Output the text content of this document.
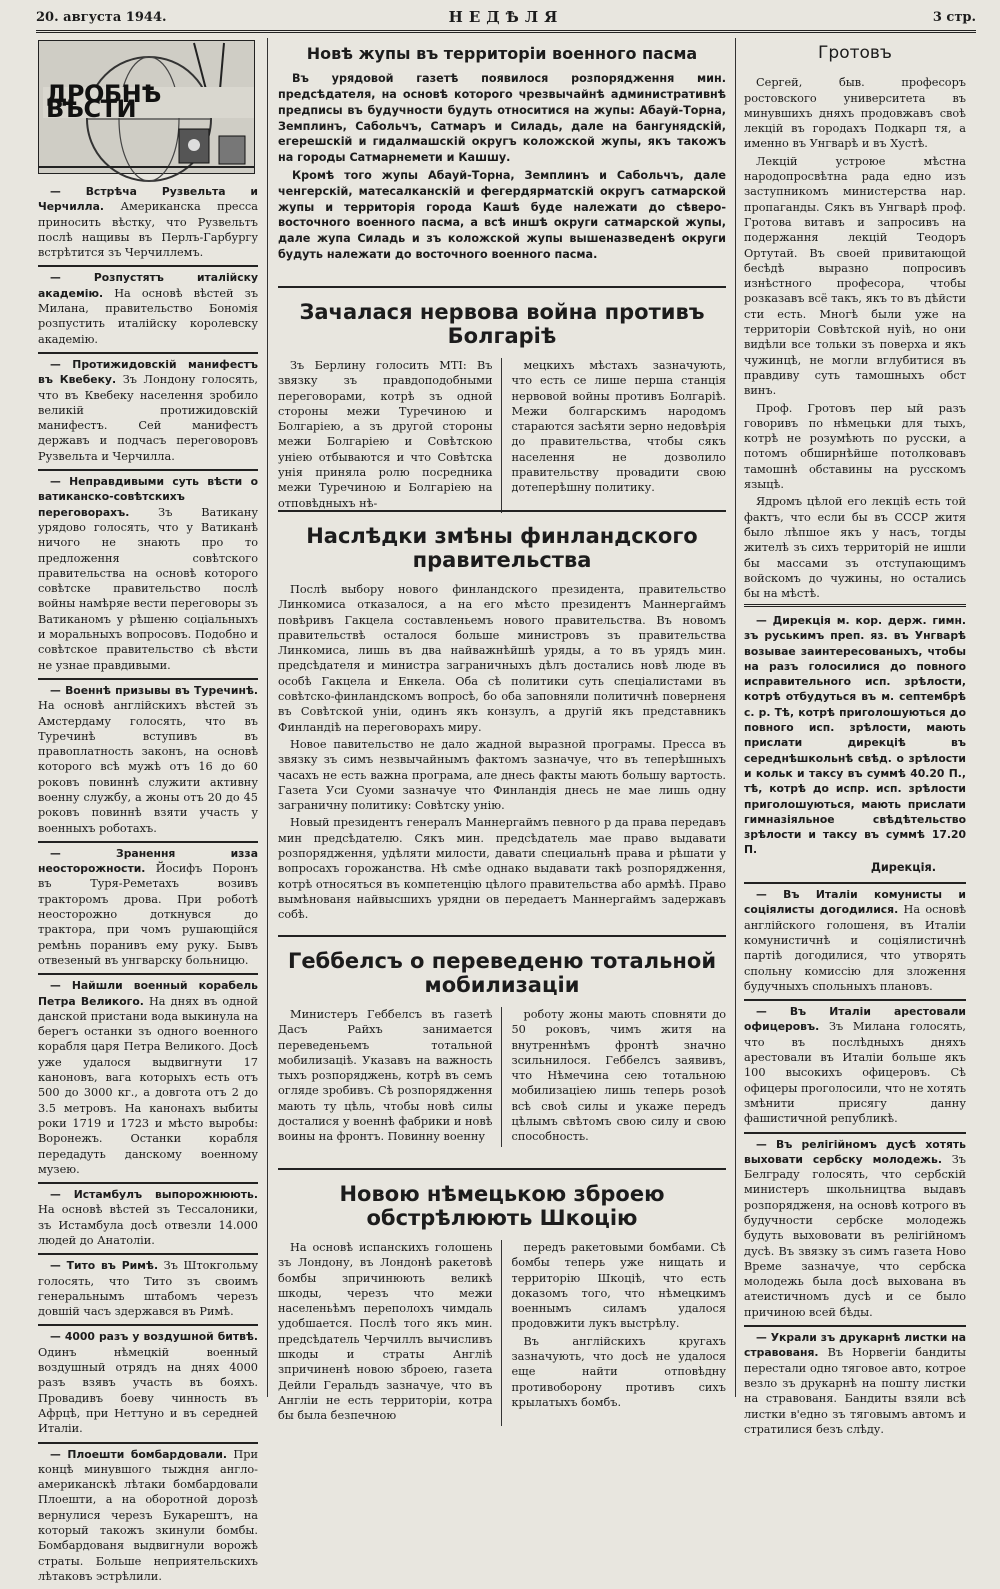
20. августа 1944.	НЕДѢЛЯ	3 стр.
ДРОБНѢ ВѢСТИ

— Встрѣча Рузвельта и Черчилла. Американска пресса приносить вѣстку, что Рузвельтъ послѣ нащивы въ Перлъ-Гарбургу встрѣтится зъ Черчиллемъ.

— Розпустятъ италійску академію. На основѣ вѣстей зъ Милана, правительство Бономія розпустить италійску королевску академію.

— Протижидовскій манифестъ въ Квебеку. Зъ Лондону голосять, что въ Квебеку населення зробило великій протижидовскій манифестъ. Сей манифестъ державъ и подчасъ переговоровъ Рузвельта и Черчилла.

— Неправдивыми суть вѣсти о ватиканско-совѣтскихъ переговорахъ.	Зъ Ватикану урядово голосять, что у Ватиканѣ ничого не знають про то предложення совѣтского правительства на основѣ которого совѣтске правительство послѣ войны намѣряе вести переговоры зъ Ватиканомъ у рѣшеню соціальныхъ и моральныхъ вопросовъ. Подобно и совѣтское правительство сѣ вѣсти не узнае правдивыми.

— Военнѣ призывы въ Туречинѣ. На основѣ англійскихъ вѣстей зъ Амстердаму голосять, что въ Туречинѣ вступивъ въ правоплатность законъ, на основѣ которого всѣ мужѣ отъ 16 до 60 роковъ повиннѣ служити активну военну службу, а жоны отъ 20 до 45 роковъ повиннѣ взяти участь у военныхъ роботахъ.

— Зранення изза неосторожности. Йосифъ Поронъ въ Туря-Реметахъ возивъ тракторомъ дрова. При роботѣ неосторожно доткнувся до трактора, при чомъ рушающійся ремѣнь поранивъ ему руку. Бывъ отвезеный въ унгварску больницю.

— Найшли военный корабель Петра Великого. На днях въ одной данской пристани вода выкинула на берегъ останки зъ одного военного корабля царя Петра Великого. Досѣ уже удалося выдвигнути 17 каноновъ, вага которыхъ есть отъ 500 до 3000 кг., а довгота отъ 2 до 3.5 метровъ. На канонахъ выбиты роки 1719 и 1723 и мѣсто выробы: Воронежъ. Останки корабля передадуть данскому военному музею.

— Истамбулъ выпорожнюють. На основѣ вѣстей зъ Тессалоники, зъ Истамбула досѣ отвезли 14.000 людей до Анатоліи.

— Тито въ Римѣ. Зъ Штокгольму голосять, что Тито зъ своимъ генеральнымъ штабомъ черезъ довшій часъ здержався въ Римѣ.

— 4000 разъ у воздушной битвѣ. Одинъ нѣмецкій военный воздушный отрядъ на днях 4000 разъ взявъ участь въ бояхъ. Провадивъ боеву чинность въ Афрцѣ, при Неттуно и въ середней Италіи.

— Плоешти бомбардовали. При концѣ минувшого тыждня англо-американскѣ лѣтаки бомбардовали Плоешти, а на оборотной дорозѣ вернулися черезъ Букарештъ, на который такожъ зкинули бомбы. Бомбардованя выдвигнули ворожѣ страты. Больше неприятельскихъ лѣтаковъ эстрѣлили.

Новѣ жупы въ территоріи военного пасма

Въ урядовой газетѣ появилося розпорядження мин. предсѣдателя, на основѣ которого чрезвычайнѣ административнѣ предписы въ будучности будуть относитися на жупы: Абауй-Торна, Земплинъ, Сабольчъ, Сатмаръ и Силадь, дале на бангунядскій, егерешскій и гидалмашскій округъ коложской жупы, якъ такожъ на городы Сатмарнемети и Кашшу.

Кромѣ того жупы Абауй-Торна, Земплинъ и Сабольчъ, дале ченгерскій, матесалканскій и фегердярматскій округъ сатмарской жупы и территорія города Кашѣ буде належати до сѣверо-восточного военного пасма, а всѣ иншѣ округи сатмарской жупы, дале жупа Силадь и зъ коложской жупы вышеназведенѣ округи будуть належати до восточного военного пасма.

Зачалася нервова война противъ Болгаріѣ

Зъ Берлину голосить МТІ: Въ звязку зъ правдоподобными переговорами, котрѣ зъ одной стороны межи Туречиною и Болгаріею, а зъ другой стороны межи Болгаріею и Совѣтскою уніею отбываются и что Совѣтска унія приняла ролю посредника межи Туречиною и Болгаріею на отповѣдныхъ нѣ-

мецкихъ мѣстахъ зазначують, что есть се лише перша станція нервовой войны противъ Болгаріѣ. Межи болгарскимъ народомъ стараются засѣяти зерно недовѣрія до правительства, чтобы сякъ населення не дозволило правительству провадити свою дотеперѣшну политику.

Наслѣдки змѣны финландского правительства

Послѣ выбору нового финландского президента, правительство Линкомиса отказалося, а на его мѣсто президентъ Маннергаймъ повѣривъ Гакцела составленьемъ нового правительства. Въ новомъ правительствѣ осталося больше министровъ зъ правительства Линкомиса, лишь въ два найважнѣйшѣ уряды, а то въ урядъ мин. предсѣдателя и министра заграничныхъ дѣлъ достались новѣ люде въ особѣ Гакцела и Енкела. Оба сѣ политики суть спеціалистами въ совѣтско-финландскомъ вопросѣ, бо оба заповняли политичнѣ поверненя въ Совѣтской уніи, одинъ якъ конзулъ, а другій якъ представникъ Финландіѣ на переговорахъ миру.

Новое павительство не дало жадной выразной програмы. Пресса въ звязку зъ симъ незвычайнымъ фактомъ зазначуе, что въ теперѣшныхъ часахъ не есть важна програма, але днесь факты мають большу вартость. Газета Уси Суоми зазначуе что Финландія днесь не мае лишь одну заграничну политику: Совѣтску унію.

Новый президентъ генералъ Маннергаймъ певного р да права передавъ мин предсѣдателю. Сякъ мин. предсѣдатель мае право выдавати розпорядження, удѣляти милости, давати специальнѣ права и рѣшати у вопросахъ горожанства. Нѣ смѣе однако выдавати такѣ розпорядження, котрѣ относяться въ компетенцію цѣлого правительства або армѣѣ. Право вымѣнованя найвысшихъ урядни ов передаетъ Маннергаймъ задержавъ собѣ.

Геббелсъ о переведеню тотальной мобилизаціи

Министеръ Геббелсъ въ газетѣ Дасъ Райхъ занимается переведеньемъ тотальной мобилизаціѣ. Указавъ на важность тыхъ розпоряджень, котрѣ въ семъ огляде зробивъ. Сѣ розпорядження мають ту цѣль, чтобы новѣ силы досталися у военнѣ фабрики и новѣ воины на фронтъ. Повинну военну

роботу жоны мають сповняти до 50 роковъ, чимъ житя на внутреннѣмъ фронтѣ значно зсильнилося. Геббелсъ заявивъ, что Нѣмечина сею тотальною мобилизаціею лишь теперь розоѣ всѣ своѣ силы и укаже передъ цѣлымъ свѣтомъ свою силу и свою способность.

Новою нѣмецькою зброею обстрѣлюють Шкоцію

На основѣ испанскихъ голошень зъ Лондону, въ Лондонѣ ракетовѣ бомбы зпричинюють великѣ шкоды, черезъ что межи населеньѣмъ переполохъ чимдаль удобшается. Послѣ того якъ мин. предсѣдатель Черчиллъ вычисливъ шкоды и страты Англіѣ зпричиненѣ новою зброею, газета Дейли Геральдъ зазначуе, что въ Англіи не есть территоріи, котра бы была безпечною

передъ ракетовыми бомбами. Сѣ бомбы теперь уже нищать и территорію Шкоціѣ, что есть доказомъ того, что нѣмецкимъ военнымъ силамъ удалося продовжити лукъ выстрѣлу.

Въ англійскихъ кругахъ зазначують, что досѣ не удалося еще найти отповѣдну противоборону противъ сихъ крылатыхъ бомбъ.

Гротовъ

Сергей, быв. професоръ ростовского университета въ минувшихъ дняхъ продовжавъ своѣ лекцій въ городахъ Подкарп тя, а именно въ Унгварѣ и въ Хустѣ.

Лекцій устроюе мѣстна народопросвѣтна рада едно изъ заступникомъ министерства нар. пропаганды. Сякъ въ Унгварѣ проф. Гротова витавъ и запросивъ на подержання лекцій Теодоръ Ортутай. Въ своей привитающой бесѣдѣ выразно попросивъ изнѣстного професора, чтобы розказавъ всё такъ, якъ то въ дѣйсти сти есть. Многѣ были уже на территоріи Совѣтской нуіѣ, но они видѣли все тольки зъ поверха и якъ чужинцѣ, не могли вглубитися въ правдиву суть тамошныхъ обст винъ.

Проф. Гротовъ пер ый разъ говоривъ по нѣмецьки для тыхъ, котрѣ не розумѣють по русски, а потомъ обширнѣйше потолковавъ тамошнѣ обставины на русскомъ языцѣ.

Ядромъ цѣлой его лекціѣ есть той фактъ, что если бы въ СССР житя было лѣпшое якъ у насъ, тогды жителѣ зъ сихъ территорій не ишли бы массами зъ отступающимъ войскомъ до чужины, но остались бы на мѣстѣ.

— Дирекція м. кор. держ. гимн. зъ руськимъ преп. яз. въ Унгварѣ возывае заинтересованыхъ, чтобы на разъ голосилися до повного исправительного исп. зрѣлости, котрѣ отбудуться въ м. септембрѣ с. р. Тѣ, котрѣ приголошуються до повного исп. зрѣлости, мають прислати дирекціѣ въ середнѣшкольнѣ свѣд. о зрѣлости и кольк и таксу въ суммѣ 40.20 П., тѣ, котрѣ до испр. исп. зрѣлости приголошуються, мають прислати гимназіяльное свѣдѣтельство зрѣлости и таксу въ суммѣ 17.20 П.

Дирекція.

— Въ Италіи комунисты и соціялисты догодилися. На основѣ англійского голошеня, въ Италіи комунистичнѣ и соціялистичнѣ партіѣ догодилися, что утворять спольну комиссію для зложення будучныхъ спольныхъ плановъ.

— Въ Италіи арестовали офицеровъ. Зъ Милана голосять, что въ послѣдныхъ дняхъ арестовали въ Италіи больше якъ 100 высокихъ офицеровъ. Сѣ офицеры проголосили, что не хотять змѣнити присягу данну фашистичной републикѣ.

— Въ релігійномъ дусѣ хотять выховати сербску молодежь. Зъ Белграду голосять, что сербскій министеръ школьництва выдавъ розпорядженя, на основѣ котрого въ будучности сербске молодежь будуть выхововати въ релігійномъ дусѣ. Въ звязку зъ симъ газета Ново Време зазначуе, что сербска молодежь была досѣ выхована въ атеистичномъ дусѣ и се было причиною всей бѣды.

— Украли зъ друкарнѣ листки на стравованя. Въ Норвегіи бандиты перестали одно тяговое авто, котрое везло зъ друкарнѣ на пошту листки на стравованя. Бандиты взяли всѣ листки в'едно зъ тяговымъ автомъ и стратилися безъ слѣду.
